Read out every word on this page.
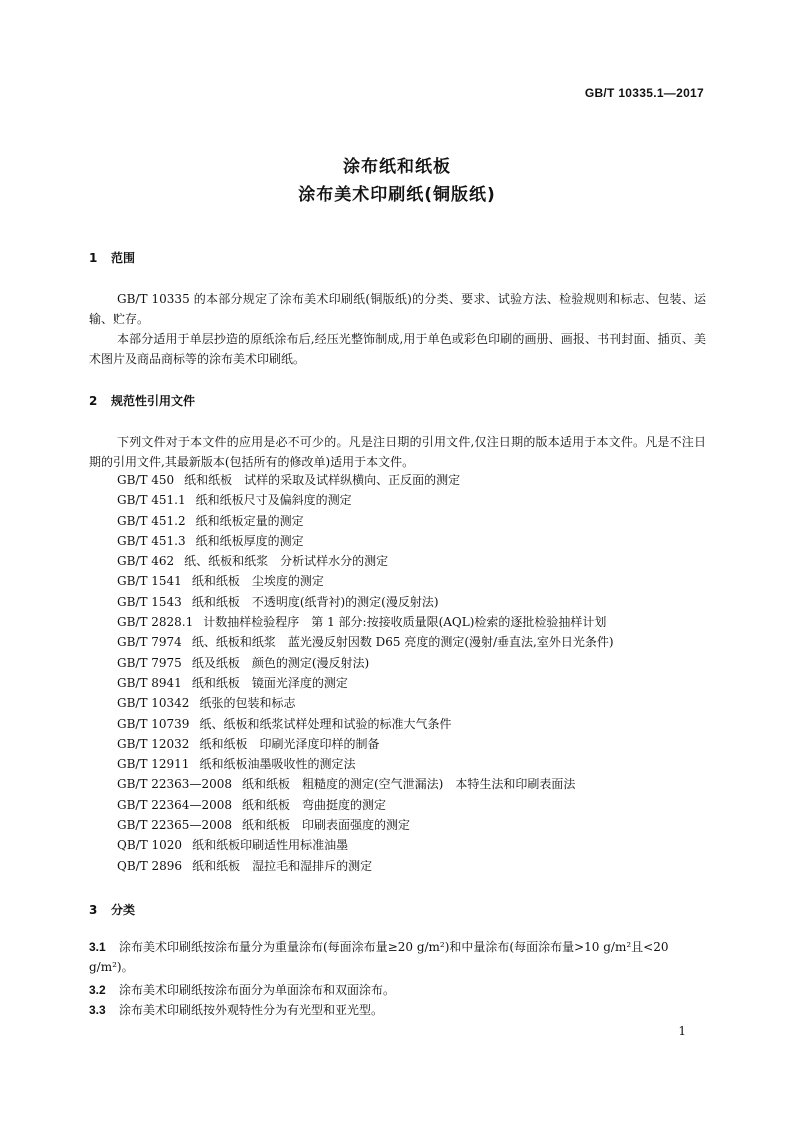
GB/T 10335.1—2017
涂布纸和纸板
涂布美术印刷纸(铜版纸)
1 范围
GB/T 10335 的本部分规定了涂布美术印刷纸(铜版纸)的分类、要求、试验方法、检验规则和标志、包装、运输、贮存。
本部分适用于单层抄造的原纸涂布后,经压光整饰制成,用于单色或彩色印刷的画册、画报、书刊封面、插页、美术图片及商品商标等的涂布美术印刷纸。
2 规范性引用文件
下列文件对于本文件的应用是必不可少的。凡是注日期的引用文件,仅注日期的版本适用于本文件。凡是不注日期的引用文件,其最新版本(包括所有的修改单)适用于本文件。
GB/T 450 纸和纸板　试样的采取及试样纵横向、正反面的测定
GB/T 451.1 纸和纸板尺寸及偏斜度的测定
GB/T 451.2 纸和纸板定量的测定
GB/T 451.3 纸和纸板厚度的测定
GB/T 462 纸、纸板和纸浆　分析试样水分的测定
GB/T 1541 纸和纸板　尘埃度的测定
GB/T 1543 纸和纸板　不透明度(纸背衬)的测定(漫反射法)
GB/T 2828.1 计数抽样检验程序　第 1 部分:按接收质量限(AQL)检索的逐批检验抽样计划
GB/T 7974 纸、纸板和纸浆　蓝光漫反射因数 D65 亮度的测定(漫射/垂直法,室外日光条件)
GB/T 7975 纸及纸板　颜色的测定(漫反射法)
GB/T 8941 纸和纸板　镜面光泽度的测定
GB/T 10342 纸张的包装和标志
GB/T 10739 纸、纸板和纸浆试样处理和试验的标准大气条件
GB/T 12032 纸和纸板　印刷光泽度印样的制备
GB/T 12911 纸和纸板油墨吸收性的测定法
GB/T 22363—2008 纸和纸板　粗糙度的测定(空气泄漏法)　本特生法和印刷表面法
GB/T 22364—2008 纸和纸板　弯曲挺度的测定
GB/T 22365—2008 纸和纸板　印刷表面强度的测定
QB/T 1020 纸和纸板印刷适性用标准油墨
QB/T 2896 纸和纸板　湿拉毛和湿排斥的测定
3 分类
3.1 涂布美术印刷纸按涂布量分为重量涂布(每面涂布量≥20 g/m²)和中量涂布(每面涂布量>10 g/m²且<20 g/m²)。
3.2 涂布美术印刷纸按涂布面分为单面涂布和双面涂布。
3.3 涂布美术印刷纸按外观特性分为有光型和亚光型。
1
